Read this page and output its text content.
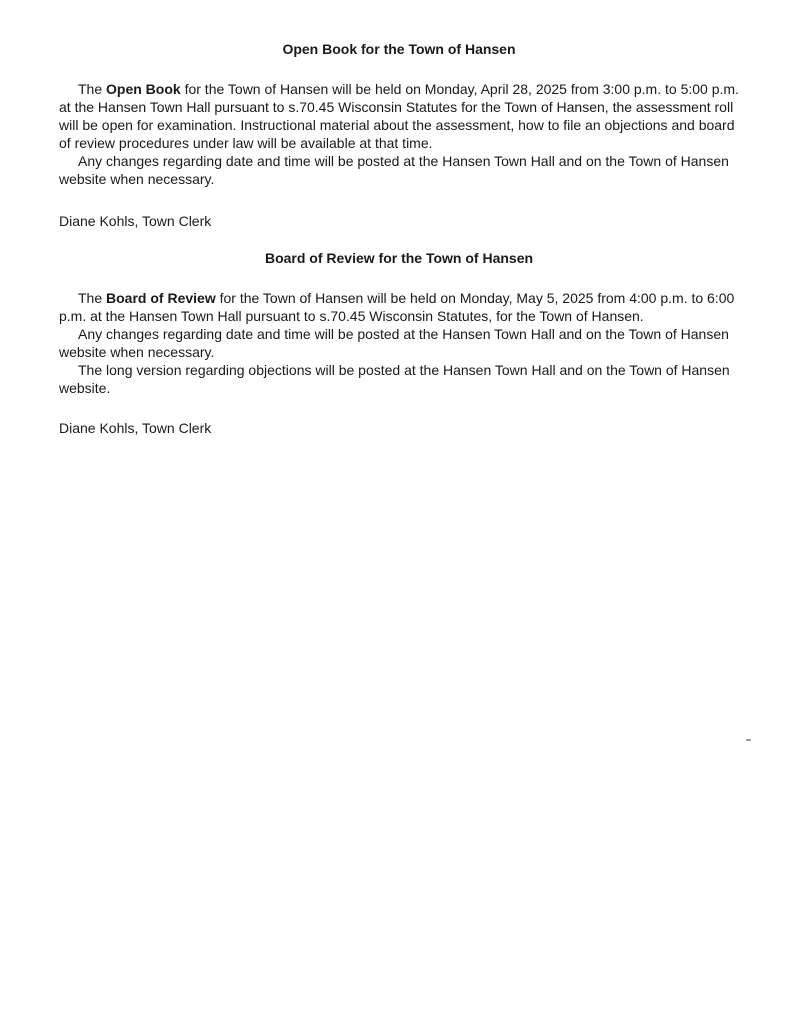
Open Book for the Town of Hansen

The Open Book for the Town of Hansen will be held on Monday, April 28, 2025 from 3:00 p.m. to 5:00 p.m. at the Hansen Town Hall pursuant to s.70.45 Wisconsin Statutes for the Town of Hansen, the assessment roll will be open for examination. Instructional material about the assessment, how to file an objections and board of review procedures under law will be available at that time.

Any changes regarding date and time will be posted at the Hansen Town Hall and on the Town of Hansen website when necessary.

Diane Kohls, Town Clerk

Board of Review for the Town of Hansen

The Board of Review for the Town of Hansen will be held on Monday, May 5, 2025 from 4:00 p.m. to 6:00 p.m. at the Hansen Town Hall pursuant to s.70.45 Wisconsin Statutes, for the Town of Hansen.

Any changes regarding date and time will be posted at the Hansen Town Hall and on the Town of Hansen website when necessary.

The long version regarding objections will be posted at the Hansen Town Hall and on the Town of Hansen website.

Diane Kohls, Town Clerk
